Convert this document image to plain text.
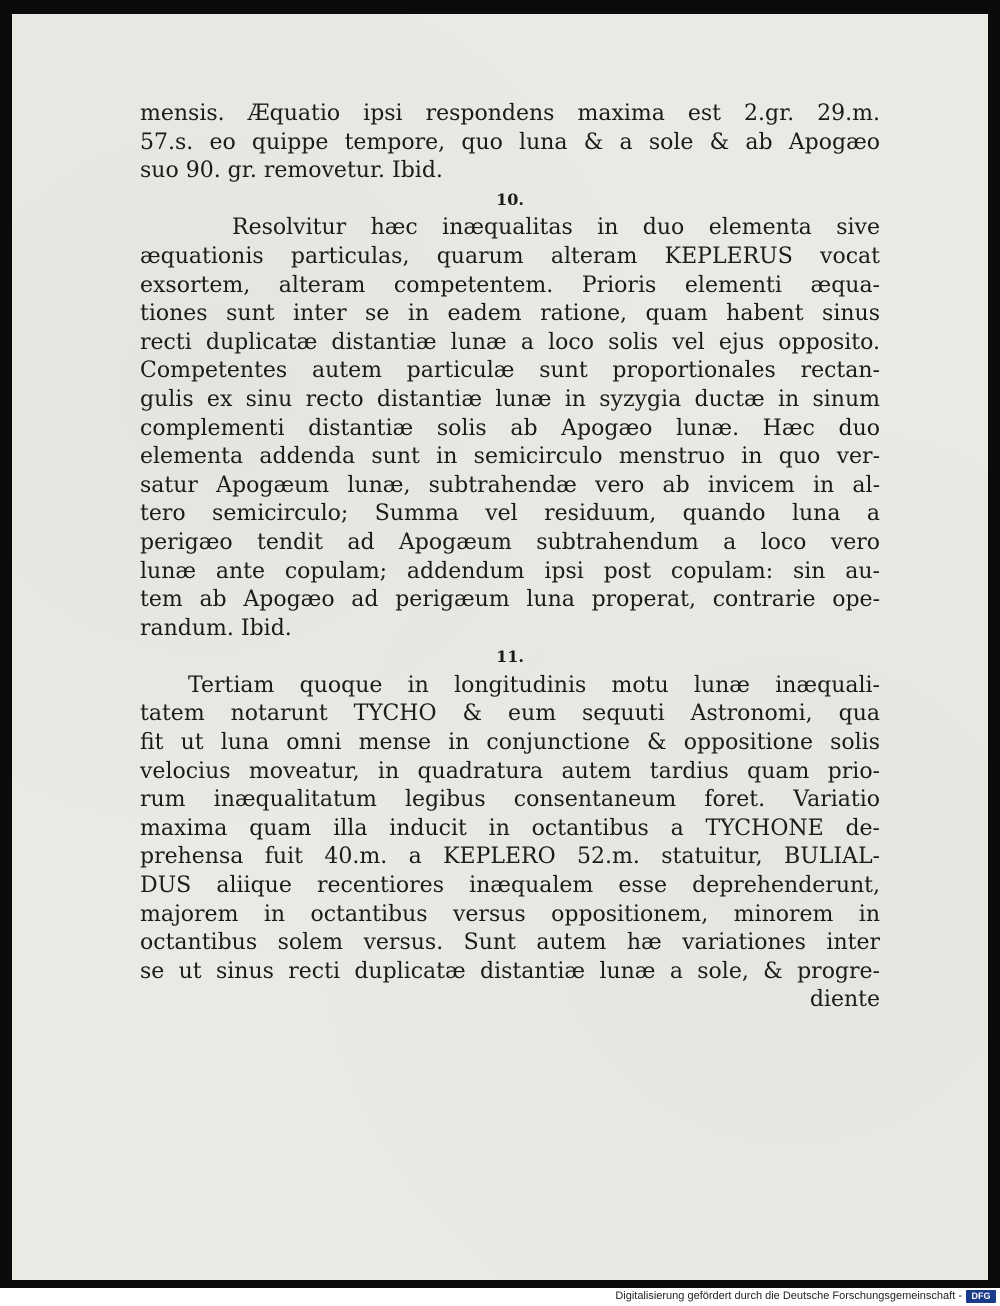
mensis. Æquatio ipsi respondens maxima est 2.gr. 29.m.
57.s. eo quippe tempore, quo luna & a sole & ab Apogæo
suo 90. gr. removetur. Ibid.
10.
Resolvitur hæc inæqualitas in duo elementa sive
æquationis particulas, quarum alteram KEPLERUS vocat
exsortem, alteram competentem. Prioris elementi æqua-
tiones sunt inter se in eadem ratione, quam habent sinus
recti duplicatæ distantiæ lunæ a loco solis vel ejus opposito.
Competentes autem particulæ sunt proportionales rectan-
gulis ex sinu recto distantiæ lunæ in syzygia ductæ in sinum
complementi distantiæ solis ab Apogæo lunæ. Hæc duo
elementa addenda sunt in semicirculo menstruo in quo ver-
satur Apogæum lunæ, subtrahendæ vero ab invicem in al-
tero semicirculo; Summa vel residuum, quando luna a
perigæo tendit ad Apogæum subtrahendum a loco vero
lunæ ante copulam; addendum ipsi post copulam: sin au-
tem ab Apogæo ad perigæum luna properat, contrarie ope-
randum. Ibid.
11.
Tertiam quoque in longitudinis motu lunæ inæquali-
tatem notarunt TYCHO & eum sequuti Astronomi, qua
fit ut luna omni mense in conjunctione & oppositione solis
velocius moveatur, in quadratura autem tardius quam prio-
rum inæqualitatum legibus consentaneum foret. Variatio
maxima quam illa inducit in octantibus a TYCHONE de-
prehensa fuit 40.m. a KEPLERO 52.m. statuitur, BULIAL-
DUS aliique recentiores inæqualem esse deprehenderunt,
majorem in octantibus versus oppositionem, minorem in
octantibus solem versus. Sunt autem hæ variationes inter
se ut sinus recti duplicatæ distantiæ lunæ a sole, & progre-
diente
Digitalisierung gefördert durch die Deutsche Forschungsgemeinschaft -	DFG
